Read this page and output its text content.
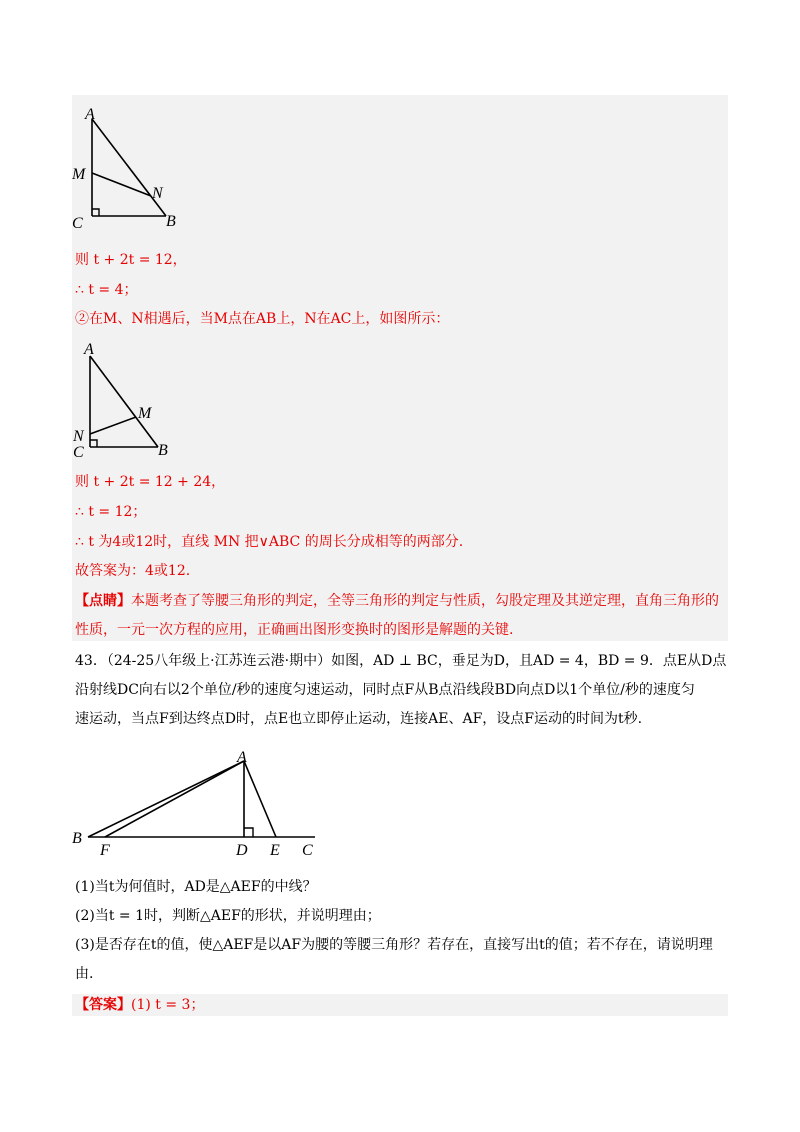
A
M
N
C	B
则 t + 2t = 12，
∴ t = 4；
②在M、N相遇后，当M点在AB上，N在AC上，如图所示：
A
M
N
C	B
则 t + 2t = 12 + 24，
∴ t = 12；
∴ t 为4或12时，直线 MN 把∨ABC 的周长分成相等的两部分.
故答案为：4或12.
【点睛】本题考查了等腰三角形的判定，全等三角形的判定与性质，勾股定理及其逆定理，直角三角形的
性质，一元一次方程的应用，正确画出图形变换时的图形是解题的关键.
43．（24-25八年级上·江苏连云港·期中）如图，AD ⊥ BC，垂足为D，且AD = 4，BD = 9．点E从D点
沿射线DC向右以2个单位/秒的速度匀速运动，同时点F从B点沿线段BD向点D以1个单位/秒的速度匀
速运动，当点F到达终点D时，点E也立即停止运动，连接AE、AF，设点F运动的时间为t秒.
A
B
F	D E C
(1)当t为何值时，AD是△AEF的中线？
(2)当t = 1时，判断△AEF的形状，并说明理由；
(3)是否存在t的值，使△AEF是以AF为腰的等腰三角形？若存在，直接写出t的值；若不存在，请说明理
由.
【答案】(1) t = 3；
